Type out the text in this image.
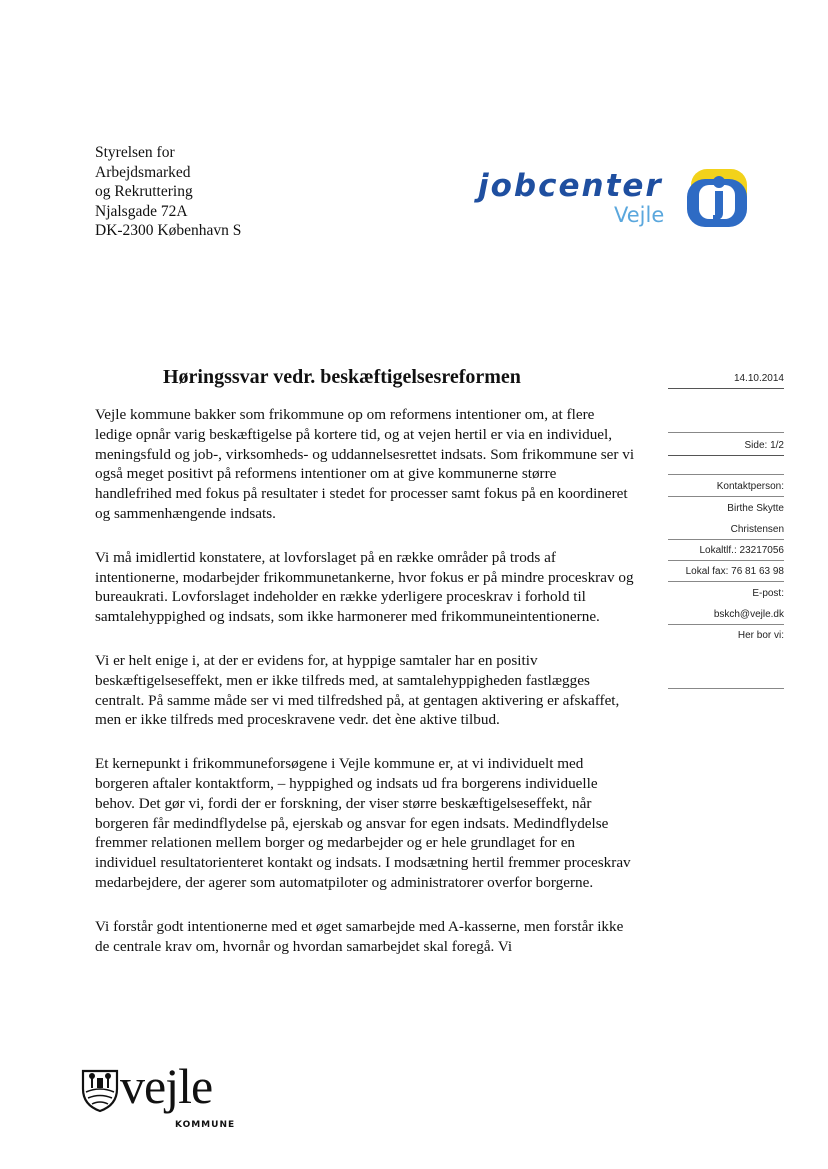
Styrelsen for
Arbejdsmarked
og Rekruttering
Njalsgade 72A
DK-2300 København S
jobcenter
Vejle
Høringssvar vedr. beskæftigelsesreformen	14.10.2014
Side: 1/2
Kontaktperson:
Birthe Skytte
Christensen
Lokaltlf.: 23217056
Lokal fax: 76 81 63 98
E-post:
bskch@vejle.dk
Her bor vi:

Vejle kommune bakker som frikommune op om reformens intentioner om, at flere ledige opnår varig beskæftigelse på kortere tid, og at vejen hertil er via en individuel, meningsfuld og job-, virksomheds- og uddannelsesrettet indsats. Som frikommune ser vi også meget positivt på reformens intentioner om at give kommunerne større handlefrihed med fokus på resultater i stedet for processer samt fokus på en koordineret og sammenhængende indsats.

Vi må imidlertid konstatere, at lovforslaget på en række områder på trods af intentionerne, modarbejder frikommunetankerne, hvor fokus er på mindre proceskrav og bureaukrati. Lovforslaget indeholder en række yderligere proceskrav i forhold til samtalehyppighed og indsats, som ikke harmonerer med frikommuneintentionerne.

Vi er helt enige i, at der er evidens for, at hyppige samtaler har en positiv beskæftigelseseffekt, men er ikke tilfreds med, at samtalehyppigheden fastlægges centralt. På samme måde ser vi med tilfredshed på, at gentagen aktivering er afskaffet, men er ikke tilfreds med proceskravene vedr. det ène aktive tilbud.

Et kernepunkt i frikommuneforsøgene i Vejle kommune er, at vi individuelt med borgeren aftaler kontaktform, – hyppighed og indsats ud fra borgerens individuelle behov. Det gør vi, fordi der er forskning, der viser større beskæftigelseseffekt, når borgeren får medindflydelse på, ejerskab og ansvar for egen indsats. Medindflydelse fremmer relationen mellem borger og medarbejder og er hele grundlaget for en individuel resultatorienteret kontakt og indsats. I modsætning hertil fremmer proceskrav medarbejdere, der agerer som automatpiloter og administratorer overfor borgerne.

Vi forstår godt intentionerne med et øget samarbejde med A-kasserne, men forstår ikke de centrale krav om, hvornår og hvordan samarbejdet skal foregå. Vi

vejle
KOMMUNE
